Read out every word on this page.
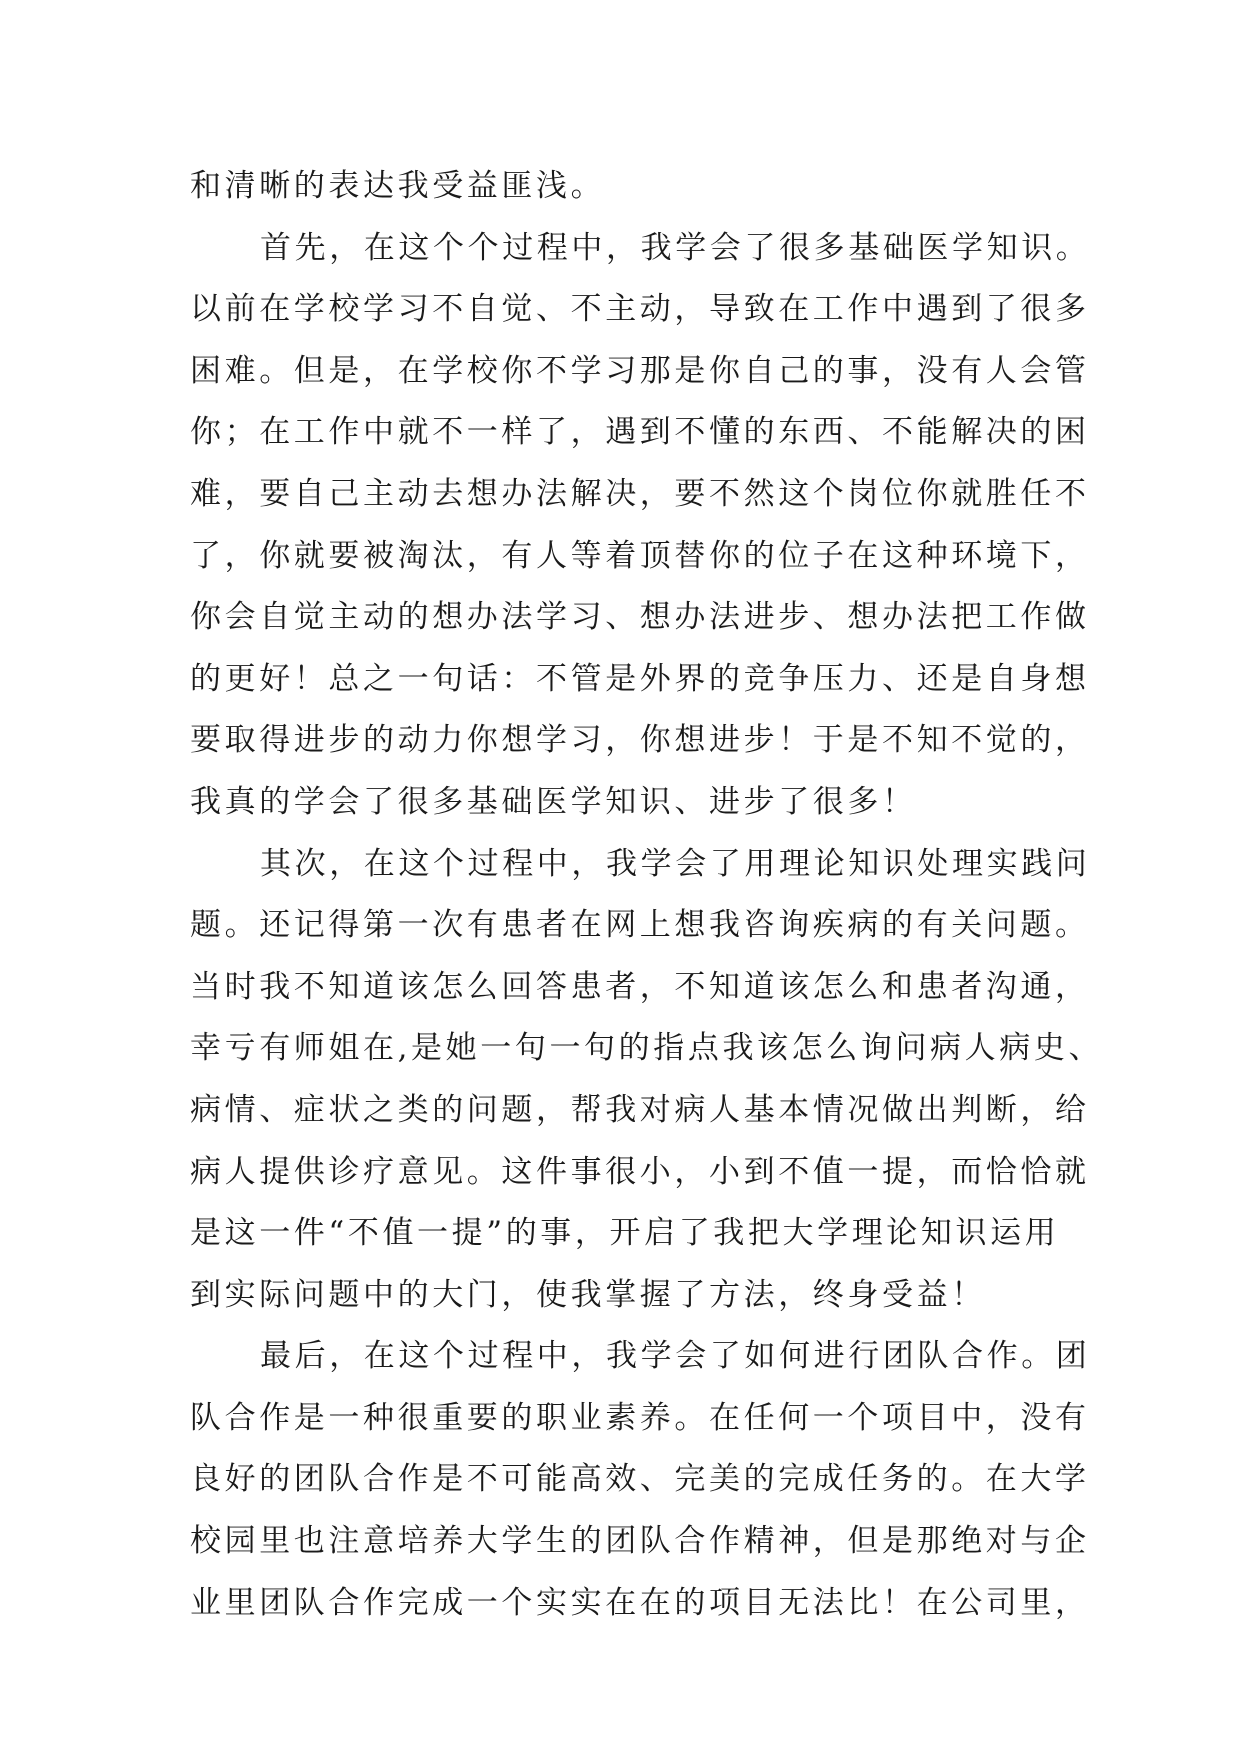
和清晰的表达我受益匪浅。
首先，在这个个过程中，我学会了很多基础医学知识。
以前在学校学习不自觉、不主动，导致在工作中遇到了很多
困难。但是，在学校你不学习那是你自己的事，没有人会管
你；在工作中就不一样了，遇到不懂的东西、不能解决的困
难，要自己主动去想办法解决，要不然这个岗位你就胜任不
了，你就要被淘汰，有人等着顶替你的位子在这种环境下，
你会自觉主动的想办法学习、想办法进步、想办法把工作做
的更好！总之一句话：不管是外界的竞争压力、还是自身想
要取得进步的动力你想学习，你想进步！于是不知不觉的，
我真的学会了很多基础医学知识、进步了很多！
其次，在这个过程中，我学会了用理论知识处理实践问
题。还记得第一次有患者在网上想我咨询疾病的有关问题。
当时我不知道该怎么回答患者，不知道该怎么和患者沟通，
幸亏有师姐在,是她一句一句的指点我该怎么询问病人病史、
病情、症状之类的问题，帮我对病人基本情况做出判断，给
病人提供诊疗意见。这件事很小，小到不值一提，而恰恰就
是这一件“不值一提”的事，开启了我把大学理论知识运用
到实际问题中的大门，使我掌握了方法，终身受益！
最后，在这个过程中，我学会了如何进行团队合作。团
队合作是一种很重要的职业素养。在任何一个项目中，没有
良好的团队合作是不可能高效、完美的完成任务的。在大学
校园里也注意培养大学生的团队合作精神，但是那绝对与企
业里团队合作完成一个实实在在的项目无法比！在公司里，
